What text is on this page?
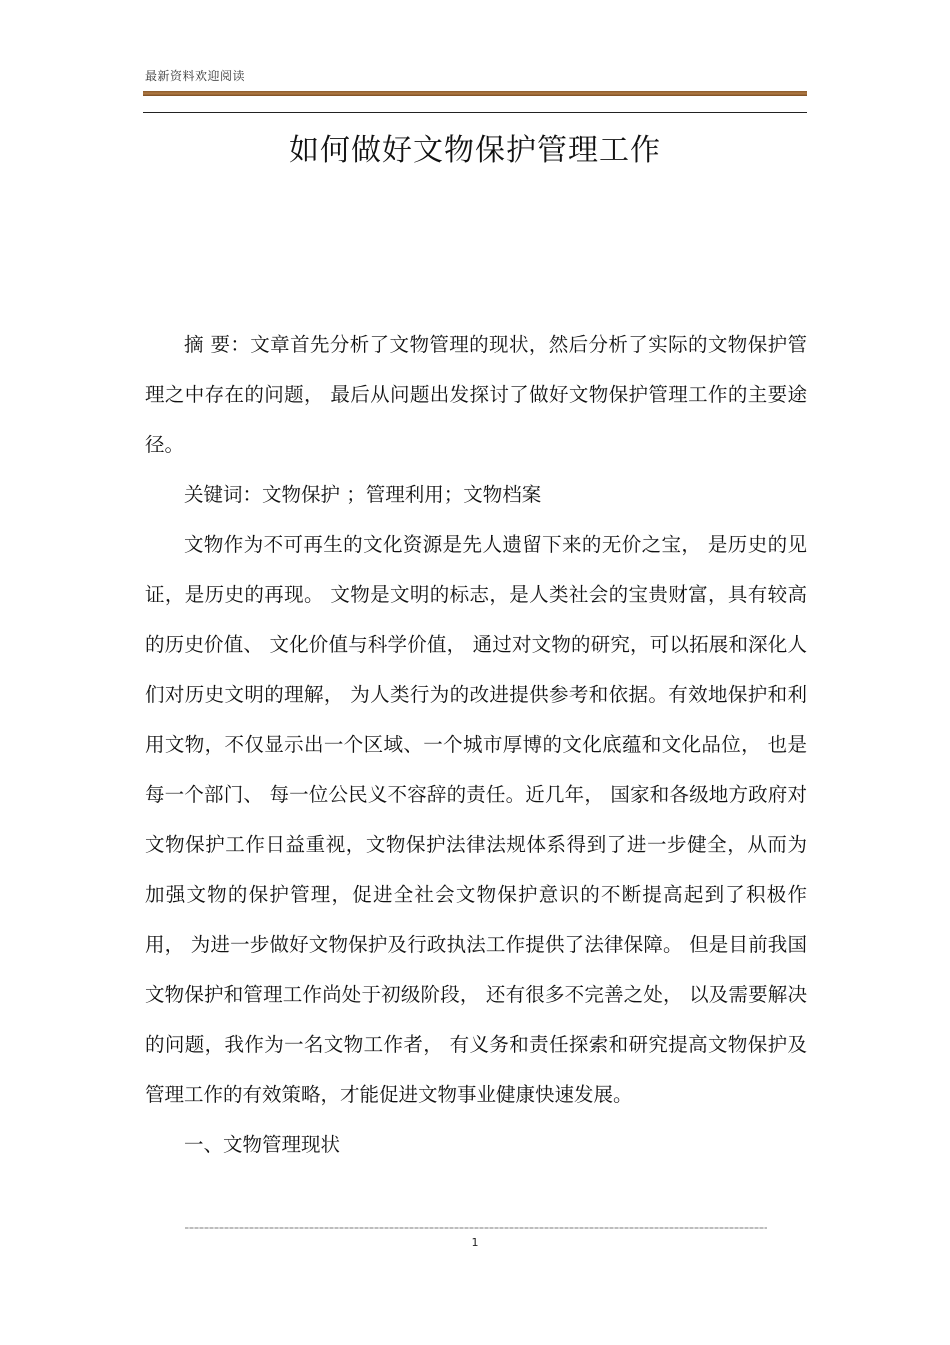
最新资料欢迎阅读
如何做好文物保护管理工作

摘 要：文章首先分析了文物管理的现状，然后分析了实际的文物保护管理之中存在的问题， 最后从问题出发探讨了做好文物保护管理工作的主要途径。

关键词：文物保护 ；管理利用；文物档案

文物作为不可再生的文化资源是先人遗留下来的无价之宝， 是历史的见证，是历史的再现。 文物是文明的标志，是人类社会的宝贵财富，具有较高的历史价值、 文化价值与科学价值， 通过对文物的研究，可以拓展和深化人们对历史文明的理解， 为人类行为的改进提供参考和依据。有效地保护和利用文物，不仅显示出一个区域、一个城市厚博的文化底蕴和文化品位， 也是每一个部门、 每一位公民义不容辞的责任。近几年， 国家和各级地方政府对文物保护工作日益重视，文物保护法律法规体系得到了进一步健全，从而为加强文物的保护管理，促进全社会文物保护意识的不断提高起到了积极作用， 为进一步做好文物保护及行政执法工作提供了法律保障。 但是目前我国文物保护和管理工作尚处于初级阶段， 还有很多不完善之处， 以及需要解决的问题，我作为一名文物工作者， 有义务和责任探索和研究提高文物保护及管理工作的有效策略，才能促进文物事业健康快速发展。

一、文物管理现状

1
